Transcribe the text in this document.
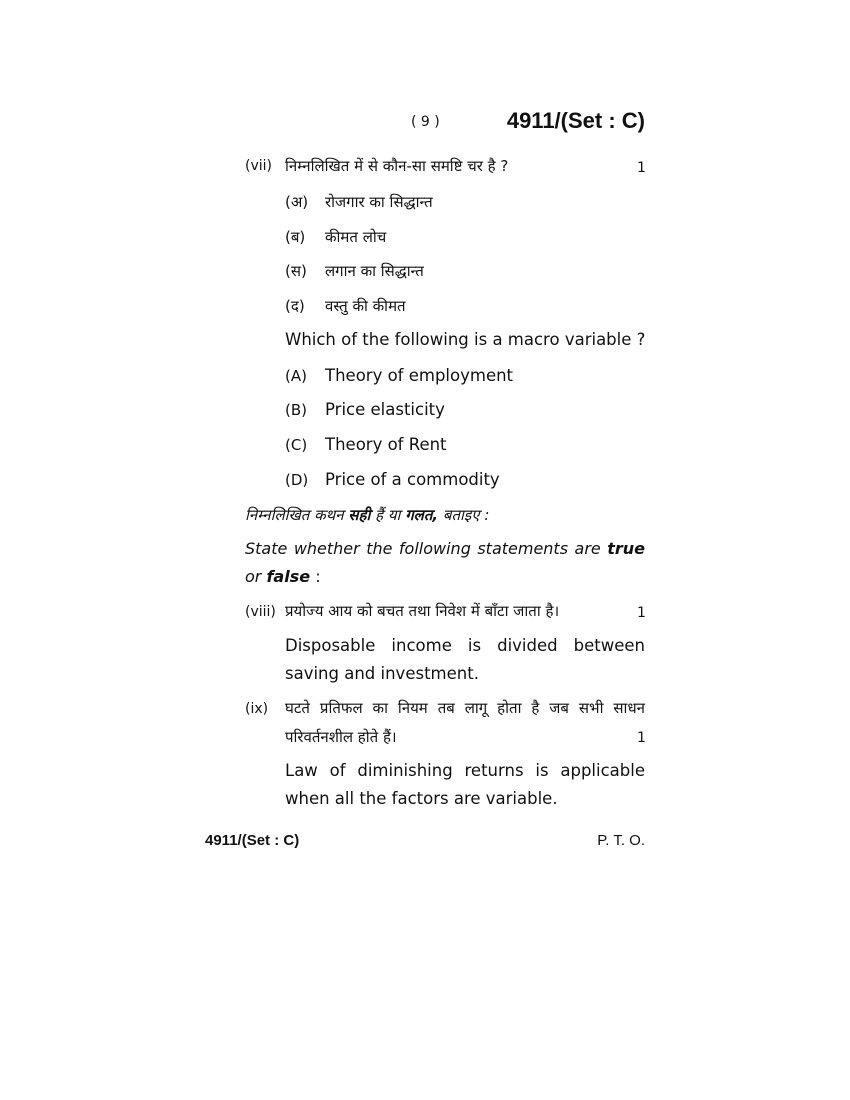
( 9 )	4911/(Set : C)
(vii) निम्नलिखित में से कौन-सा समष्टि चर है ?	1
(अ) रोजगार का सिद्धान्त
(ब) कीमत लोच
(स) लगान का सिद्धान्त
(द) वस्तु की कीमत
Which of the following is a macro variable ?
(A) Theory of employment
(B) Price elasticity
(C) Theory of Rent
(D) Price of a commodity
निम्नलिखित कथन सही हैं या गलत, बताइए :
State whether the following statements are true
or false :
(viii) प्रयोज्य आय को बचत तथा निवेश में बाँटा जाता है।	1
Disposable income is divided between
saving and investment.
(ix) घटते प्रतिफल का नियम तब लागू होता है जब सभी साधन
परिवर्तनशील होते हैं।	1
Law of diminishing returns is applicable
when all the factors are variable.
4911/(Set : C)	P. T. O.
